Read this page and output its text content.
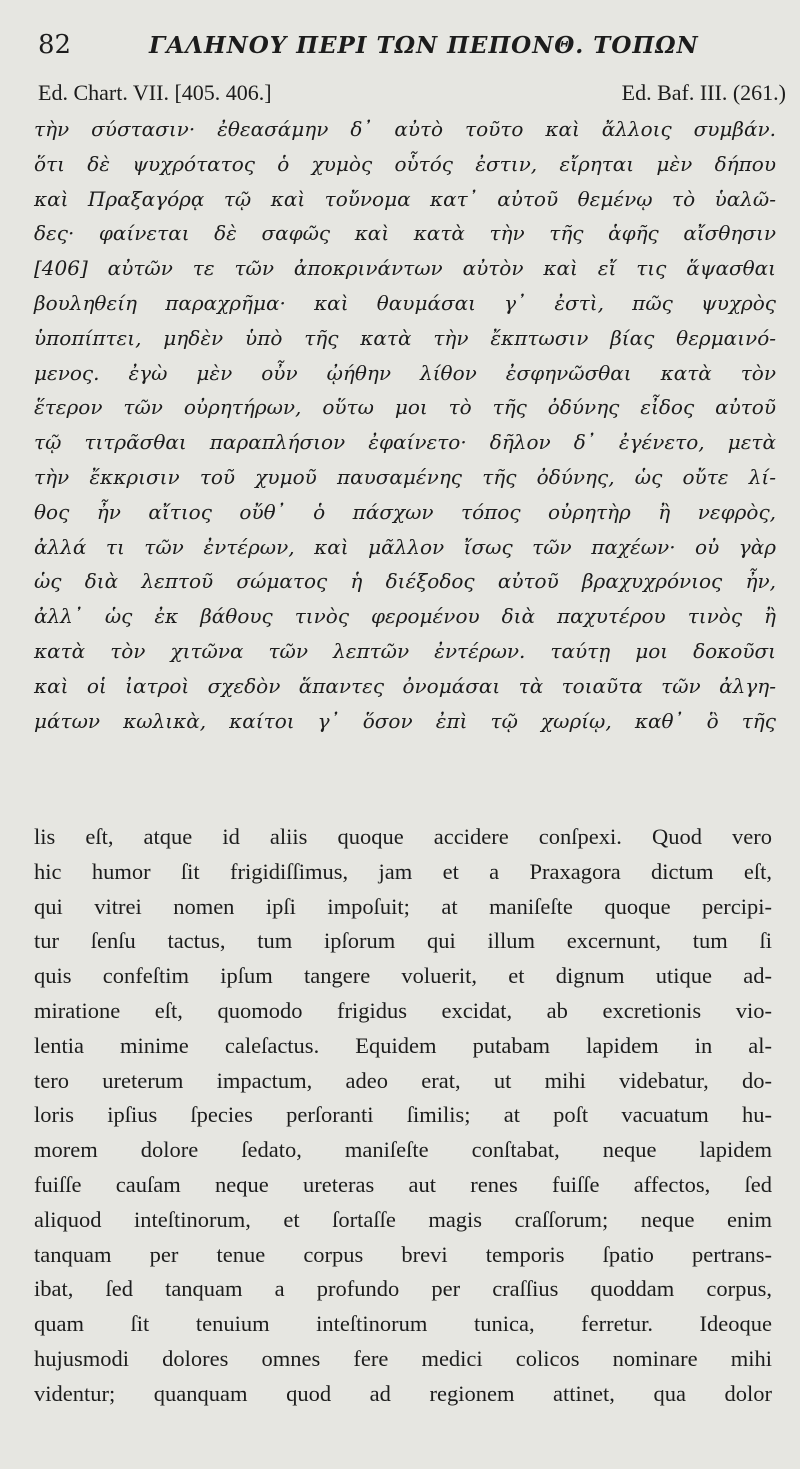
82	ΓΑΛΗΝΟΥ ΠΕΡΙ ΤΩΝ ΠΕΠΟΝΘ. ΤΟΠΩΝ
Ed. Chart. VII. [405. 406.]	Ed. Baf. III. (261.)
τὴν σύστασιν· ἐθεασάμην δ᾽ αὐτὸ τοῦτο καὶ ἄλλοις συμβάν.
ὅτι δὲ ψυχρότατος ὁ χυμὸς οὗτός ἐστιν, εἴρηται μὲν δήπου
καὶ Πραξαγόρᾳ τῷ καὶ τοὔνομα κατ᾽ αὐτοῦ θεμένῳ τὸ ὑαλῶ-
δες· φαίνεται δὲ σαφῶς καὶ κατὰ τὴν τῆς ἁφῆς αἴσθησιν
[406] αὐτῶν τε τῶν ἀποκρινάντων αὐτὸν καὶ εἴ τις ἅψασθαι
βουληθείη παραχρῆμα· καὶ θαυμάσαι γ᾽ ἐστὶ, πῶς ψυχρὸς
ὑποπίπτει, μηδὲν ὑπὸ τῆς κατὰ τὴν ἔκπτωσιν βίας θερμαινό-
μενος. ἐγὼ μὲν οὖν ᾠήθην λίθον ἐσφηνῶσθαι κατὰ τὸν
ἕτερον τῶν οὐρητήρων, οὕτω μοι τὸ τῆς ὀδύνης εἶδος αὐτοῦ
τῷ τιτρᾶσθαι παραπλήσιον ἐφαίνετο· δῆλον δ᾽ ἐγένετο, μετὰ
τὴν ἔκκρισιν τοῦ χυμοῦ παυσαμένης τῆς ὀδύνης, ὡς οὔτε λί-
θος ἦν αἴτιος οὔθ᾽ ὁ πάσχων τόπος οὐρητὴρ ἢ νεφρὸς,
ἀλλά τι τῶν ἐντέρων, καὶ μᾶλλον ἴσως τῶν παχέων· οὐ γὰρ
ὡς διὰ λεπτοῦ σώματος ἡ διέξοδος αὐτοῦ βραχυχρόνιος ἦν,
ἀλλ᾽ ὡς ἐκ βάθους τινὸς φερομένου διὰ παχυτέρου τινὸς ἢ
κατὰ τὸν χιτῶνα τῶν λεπτῶν ἐντέρων. ταύτῃ μοι δοκοῦσι
καὶ οἱ ἰατροὶ σχεδὸν ἅπαντες ὀνομάσαι τὰ τοιαῦτα τῶν ἀλγη-
μάτων κωλικὰ, καίτοι γ᾽ ὅσον ἐπὶ τῷ χωρίῳ, καθ᾽ ὃ τῆς
lis eſt, atque id aliis quoque accidere conſpexi. Quod vero
hic humor ſit frigidiſſimus, jam et a Praxagora dictum eſt,
qui vitrei nomen ipſi impoſuit; at maniſeſte quoque percipi-
tur ſenſu tactus, tum ipſorum qui illum excernunt, tum ſi
quis confeſtim ipſum tangere voluerit, et dignum utique ad-
miratione eſt, quomodo frigidus excidat, ab excretionis vio-
lentia minime caleſactus. Equidem putabam lapidem in al-
tero ureterum impactum, adeo erat, ut mihi videbatur, do-
loris ipſius ſpecies perſoranti ſimilis; at poſt vacuatum hu-
morem dolore ſedato, maniſeſte conſtabat, neque lapidem
fuiſſe cauſam neque ureteras aut renes fuiſſe affectos, ſed
aliquod inteſtinorum, et ſortaſſe magis craſſorum; neque enim
tanquam per tenue corpus brevi temporis ſpatio pertrans-
ibat, ſed tanquam a profundo per craſſius quoddam corpus,
quam ſit tenuium inteſtinorum tunica, ferretur. Ideoque
hujusmodi dolores omnes fere medici colicos nominare mihi
videntur; quanquam quod ad regionem attinet, qua dolor
